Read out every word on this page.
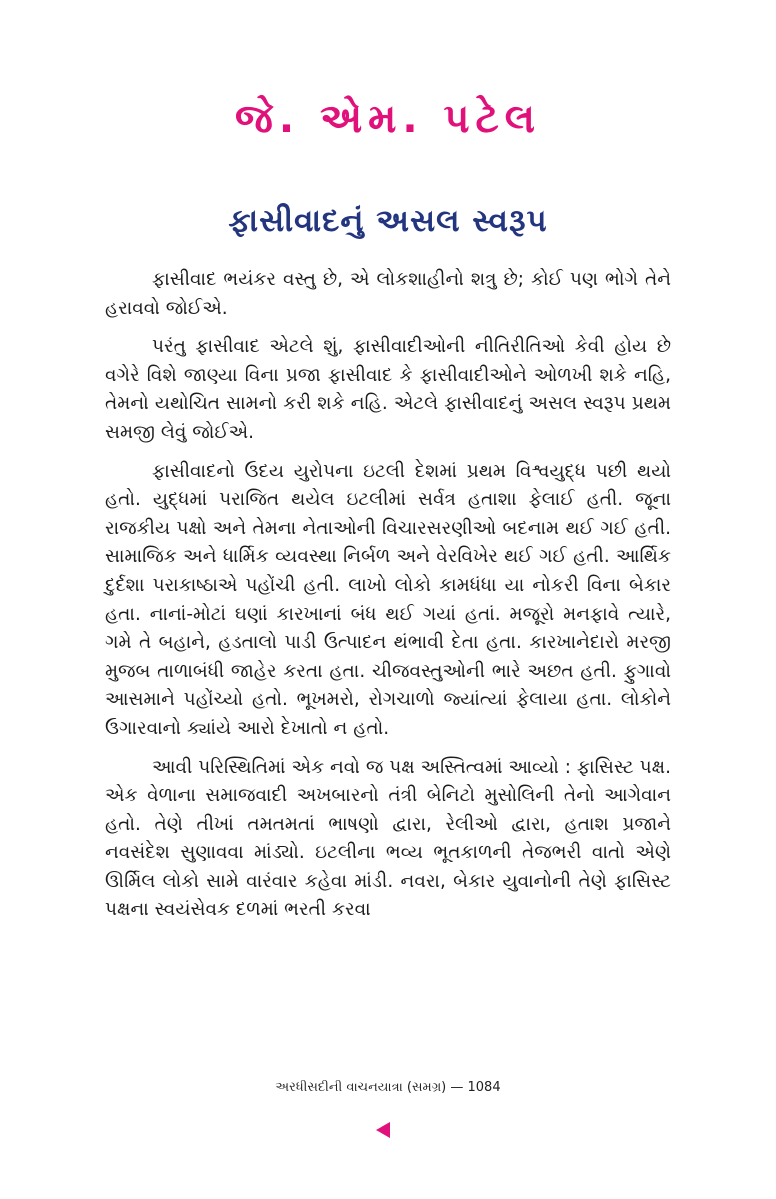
જે. એમ. પટેલ
ફાસીવાદનું અસલ સ્વરૂપ

ફાસીવાદ ભયંકર વસ્તુ છે, એ લોકશાહીનો શત્રુ છે; કોઈ પણ ભોગે તેને હરાવવો જોઈએ.

પરંતુ ફાસીવાદ એટલે શું, ફાસીવાદીઓની નીતિરીતિઓ કેવી હોય છે વગેરે વિશે જાણ્યા વિના પ્રજા ફાસીવાદ કે ફાસીવાદીઓને ઓળખી શકે નહિ, તેમનો યથોચિત સામનો કરી શકે નહિ. એટલે ફાસીવાદનું અસલ સ્વરૂપ પ્રથમ સમજી લેવું જોઈએ.

ફાસીવાદનો ઉદય યુરોપના ઇટલી દેશમાં પ્રથમ વિશ્વયુદ્ધ પછી થયો હતો. યુદ્ધમાં પરાજિત થયેલ ઇટલીમાં સર્વત્ર હતાશા ફેલાઈ હતી. જૂના રાજકીય પક્ષો અને તેમના નેતાઓની વિચારસરણીઓ બદનામ થઈ ગઈ હતી. સામાજિક અને ધાર્મિક વ્યવસ્થા નિર્બળ અને વેરવિખેર થઈ ગઈ હતી. આર્થિક દુર્દશા પરાકાષ્ઠાએ પહોંચી હતી. લાખો લોકો કામધંધા યા નોકરી વિના બેકાર હતા. નાનાં-મોટાં ઘણાં કારખાનાં બંધ થઈ ગયાં હતાં. મજૂરો મનફાવે ત્યારે, ગમે તે બહાને, હડતાલો પાડી ઉત્પાદન થંભાવી દેતા હતા. કારખાનેદારો મરજી મુજબ તાળાબંધી જાહેર કરતા હતા. ચીજવસ્તુઓની ભારે અછત હતી. ફુગાવો આસમાને પહોંચ્યો હતો. ભૂખમરો, રોગચાળો જ્યાંત્યાં ફેલાયા હતા. લોકોને ઉગારવાનો ક્યાંયે આરો દેખાતો ન હતો.

આવી પરિસ્થિતિમાં એક નવો જ પક્ષ અસ્તિત્વમાં આવ્યો : ફાસિસ્ટ પક્ષ. એક વેળાના સમાજવાદી અખબારનો તંત્રી બેનિટો મુસોલિની તેનો આગેવાન હતો. તેણે તીખાં તમતમતાં ભાષણો દ્વારા, રેલીઓ દ્વારા, હતાશ પ્રજાને નવસંદેશ સુણાવવા માંડ્યો. ઇટલીના ભવ્ય ભૂતકાળની તેજભરી વાતો એણે ઊર્મિલ લોકો સામે વારંવાર કહેવા માંડી. નવરા, બેકાર યુવાનોની તેણે ફાસિસ્ટ પક્ષના સ્વયંસેવક દળમાં ભરતી કરવા

અરધીસદીની વાચનયાત્રા (સમગ્ર) — 1084
